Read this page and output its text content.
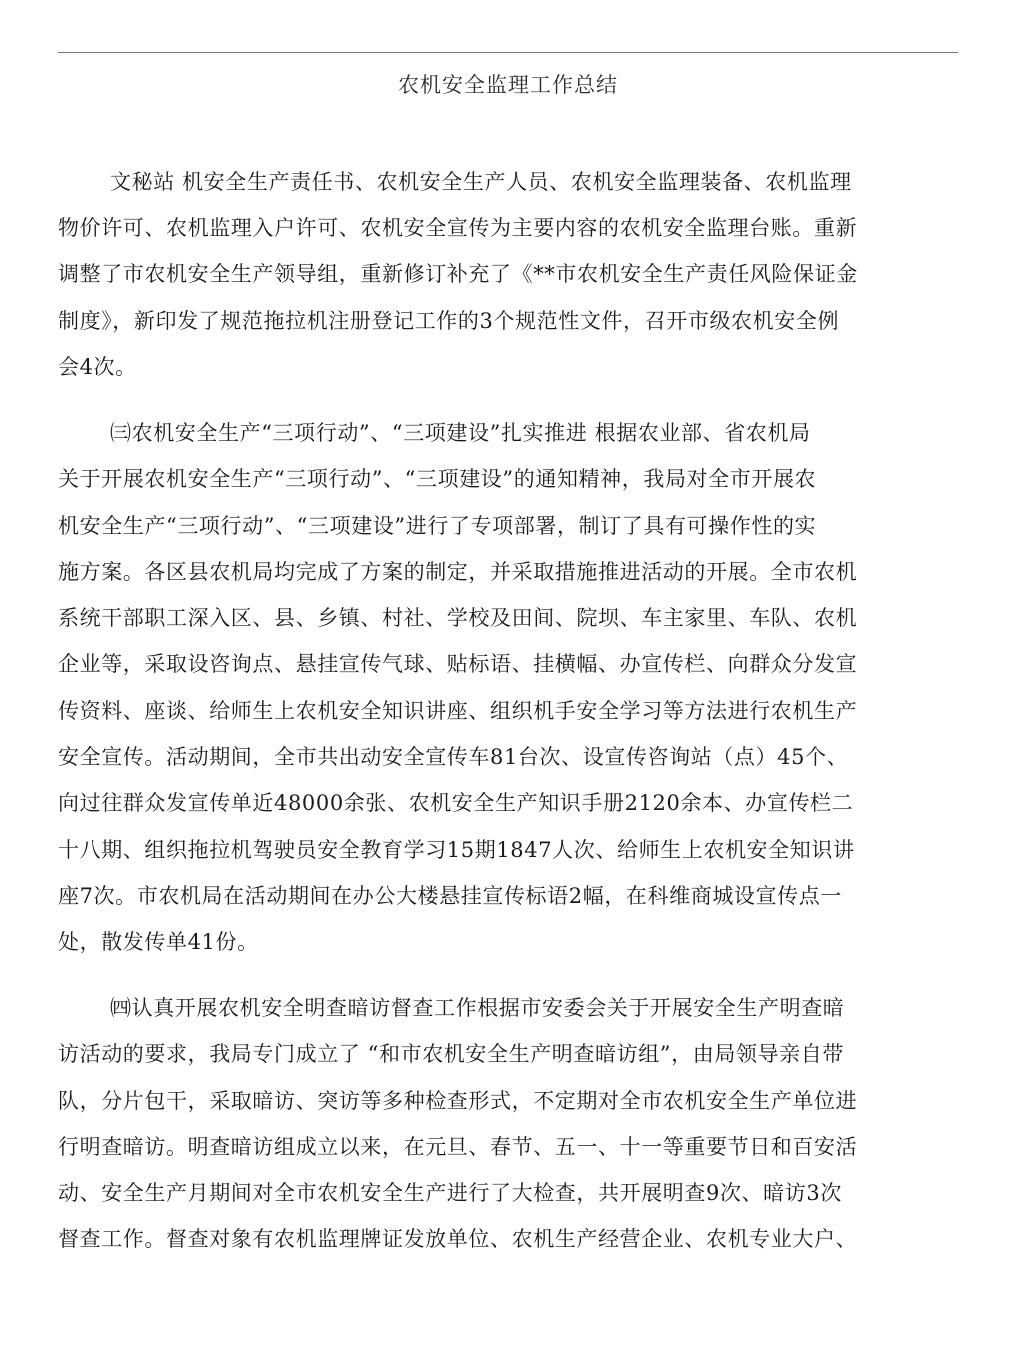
农机安全监理工作总结
文秘站 机安全生产责任书、农机安全生产人员、农机安全监理装备、农机监理
物价许可、农机监理入户许可、农机安全宣传为主要内容的农机安全监理台账。重新
调整了市农机安全生产领导组，重新修订补充了《**市农机安全生产责任风险保证金
制度》，新印发了规范拖拉机注册登记工作的3个规范性文件，召开市级农机安全例
会4次。
㈢农机安全生产“三项行动”、“三项建设”扎实推进 根据农业部、省农机局
关于开展农机安全生产“三项行动”、“三项建设”的通知精神，我局对全市开展农
机安全生产“三项行动”、“三项建设”进行了专项部署，制订了具有可操作性的实
施方案。各区县农机局均完成了方案的制定，并采取措施推进活动的开展。全市农机
系统干部职工深入区、县、乡镇、村社、学校及田间、院坝、车主家里、车队、农机
企业等，采取设咨询点、悬挂宣传气球、贴标语、挂横幅、办宣传栏、向群众分发宣
传资料、座谈、给师生上农机安全知识讲座、组织机手安全学习等方法进行农机生产
安全宣传。活动期间，全市共出动安全宣传车81台次、设宣传咨询站（点）45个、
向过往群众发宣传单近48000余张、农机安全生产知识手册2120余本、办宣传栏二
十八期、组织拖拉机驾驶员安全教育学习15期1847人次、给师生上农机安全知识讲
座7次。市农机局在活动期间在办公大楼悬挂宣传标语2幅，在科维商城设宣传点一
处，散发传单41份。
㈣认真开展农机安全明查暗访督查工作根据市安委会关于开展安全生产明查暗
访活动的要求，我局专门成立了 “和市农机安全生产明查暗访组”，由局领导亲自带
队，分片包干，采取暗访、突访等多种检查形式，不定期对全市农机安全生产单位进
行明查暗访。明查暗访组成立以来，在元旦、春节、五一、十一等重要节日和百安活
动、安全生产月期间对全市农机安全生产进行了大检查，共开展明查9次、暗访3次
督查工作。督查对象有农机监理牌证发放单位、农机生产经营企业、农机专业大户、
